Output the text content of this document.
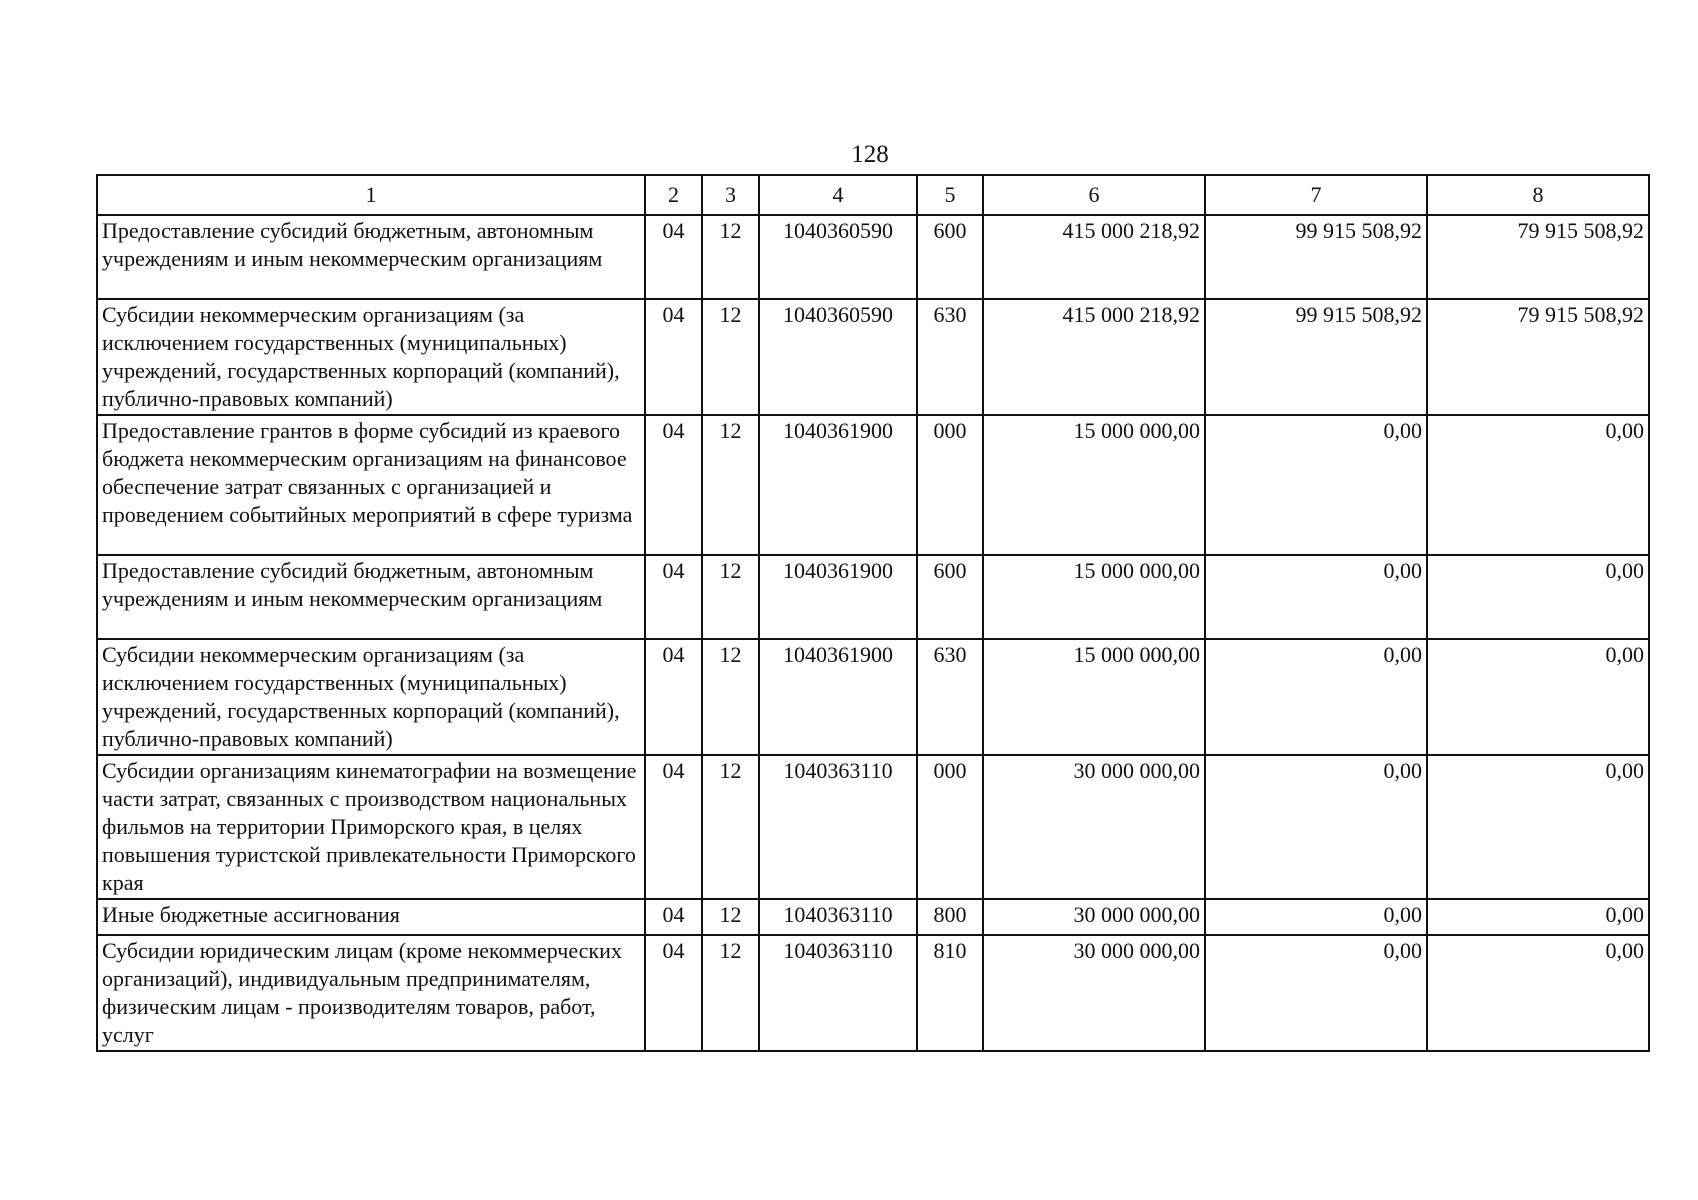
128
1	2	3	4	5	6	7	8
Предоставление субсидий бюджетным, автономным учреждениям и иным некоммерческим организациям	04	12	1040360590	600	415 000 218,92	99 915 508,92	79 915 508,92
Субсидии некоммерческим организациям (за исключением государственных (муниципальных) учреждений, государственных корпораций (компаний), публично-правовых компаний)	04	12	1040360590	630	415 000 218,92	99 915 508,92	79 915 508,92
Предоставление грантов в форме субсидий из краевого бюджета некоммерческим организациям на финансовое обеспечение затрат связанных с организацией и проведением событийных мероприятий в сфере туризма	04	12	1040361900	000	15 000 000,00	0,00	0,00
Предоставление субсидий бюджетным, автономным учреждениям и иным некоммерческим организациям	04	12	1040361900	600	15 000 000,00	0,00	0,00
Субсидии некоммерческим организациям (за исключением государственных (муниципальных) учреждений, государственных корпораций (компаний), публично-правовых компаний)	04	12	1040361900	630	15 000 000,00	0,00	0,00
Субсидии организациям кинематографии на возмещение части затрат, связанных с производством национальных фильмов на территории Приморского края, в целях повышения туристской привлекательности Приморского края	04	12	1040363110	000	30 000 000,00	0,00	0,00
Иные бюджетные ассигнования	04	12	1040363110	800	30 000 000,00	0,00	0,00
Субсидии юридическим лицам (кроме некоммерческих организаций), индивидуальным предпринимателям, физическим лицам - производителям товаров, работ, услуг	04	12	1040363110	810	30 000 000,00	0,00	0,00
